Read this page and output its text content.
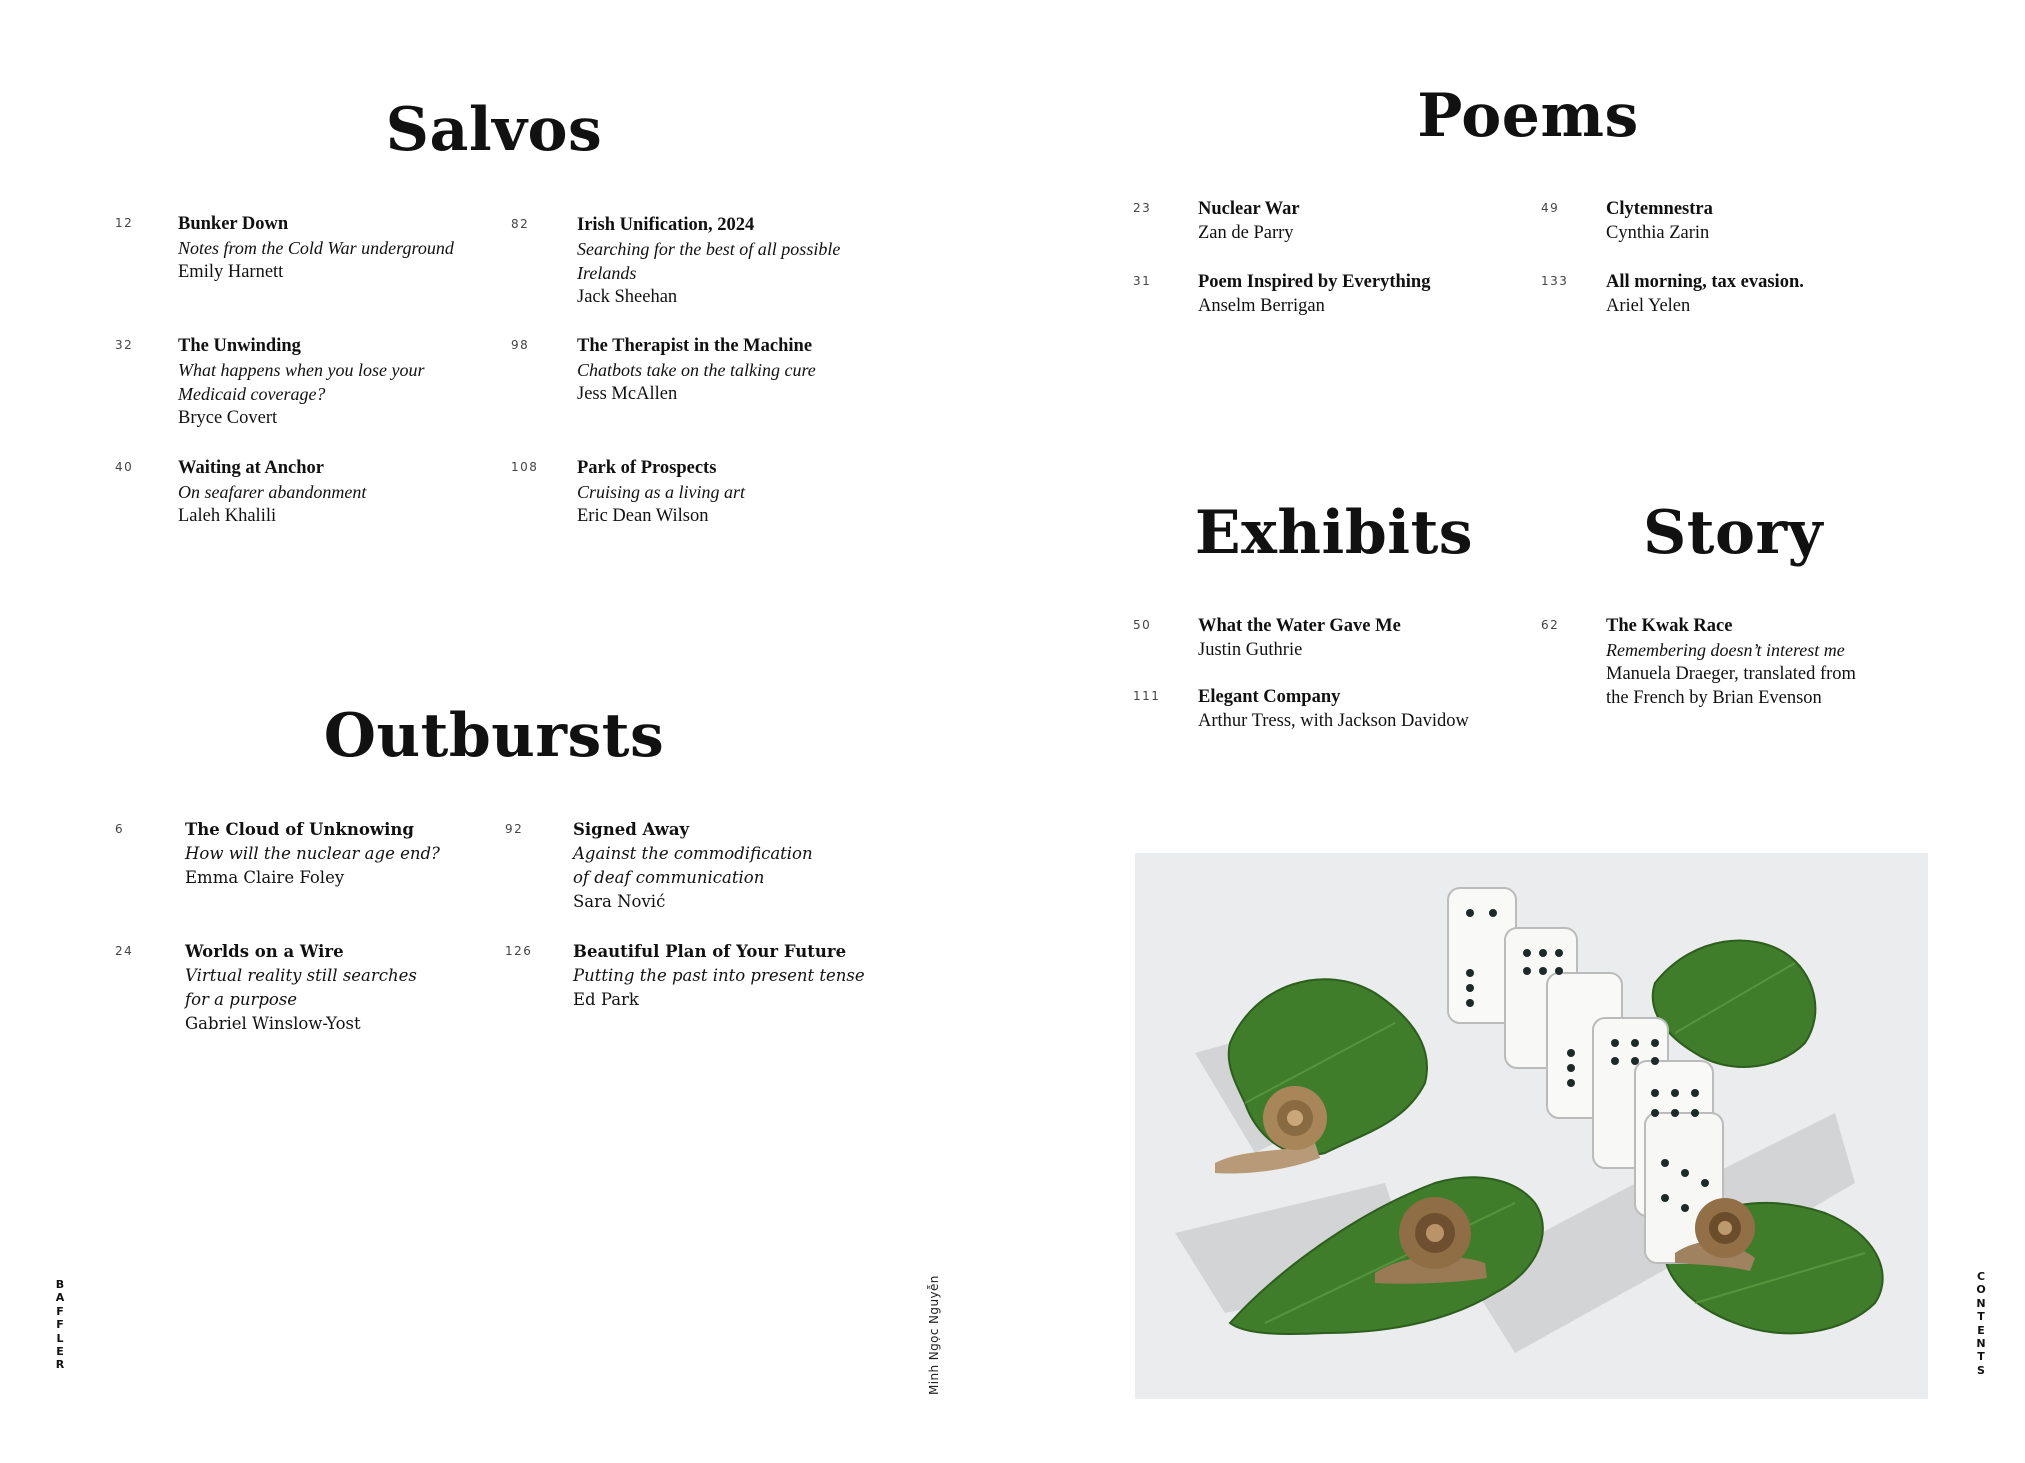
Salvos
12 Bunker Down
Notes from the Cold War underground
Emily Harnett
32 The Unwinding
What happens when you lose your
Medicaid coverage?
Bryce Covert
40 Waiting at Anchor
On seafarer abandonment
Laleh Khalili
82	Irish Unification, 2024
Searching for the best of all possible
Irelands
Jack Sheehan
98	The Therapist in the Machine
Chatbots take on the talking cure
Jess McAllen
108 Park of Prospects
Cruising as a living art
Eric Dean Wilson
Outbursts
6	The Cloud of Unknowing
How will the nuclear age end?
Emma Claire Foley
24	Worlds on a Wire
Virtual reality still searches
for a purpose
Gabriel Winslow-Yost
92	Signed Away
Against the commodification
of deaf communication
Sara Nović
126 Beautiful Plan of Your Future
Putting the past into present tense
Ed Park
Poems
23	Nuclear War
Zan de Parry
31	Poem Inspired by Everything
Anselm Berrigan
49	Clytemnestra
Cynthia Zarin
133 All morning, tax evasion.
Ariel Yelen
Exhibits
50	What the Water Gave Me
Justin Guthrie
111 Elegant Company
Arthur Tress, with Jackson Davidow
Story
62	The Kwak Race
Remembering doesn’t interest me
Manuela Draeger, translated from
the French by Brian Evenson
B
A
F
F
L
E
R
C
O
N
T
E
N
T
S
Minh Ngọc Nguyễn
